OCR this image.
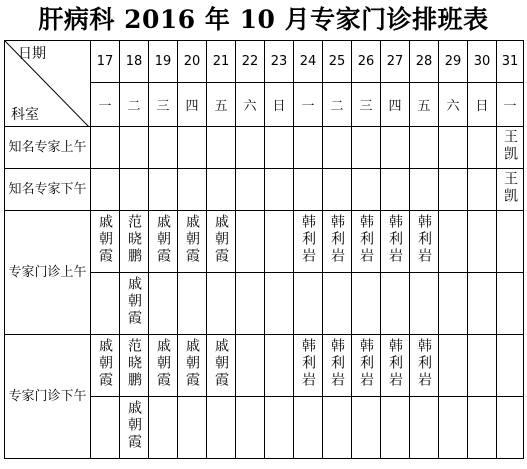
肝病科 2016 年 10 月专家门诊排班表
日期
科室	17	18	19	20	21	22	23	24	25	26	27	28	29	30	31
	一	二	三	四	五	六	日	一	二	三	四	五	六	日	一
知名专家上午															王凯
知名专家下午															王凯
专家门诊上午	戚朝霞	范晓鹏	戚朝霞	戚朝霞	戚朝霞			韩利岩	韩利岩	韩利岩	韩利岩	韩利岩			
		戚朝霞													
专家门诊下午	戚朝霞	范晓鹏	戚朝霞	戚朝霞	戚朝霞			韩利岩	韩利岩	韩利岩	韩利岩	韩利岩			
		戚朝霞													
